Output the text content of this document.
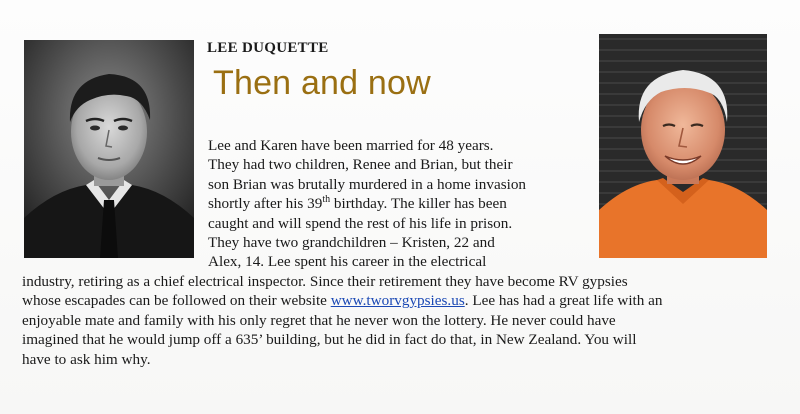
LEE DUQUETTE
Then and now
Lee and Karen have been married for 48 years.
They had two children, Renee and Brian, but their
son Brian was brutally murdered in a home invasion
shortly after his 39th birthday. The killer has been
caught and will spend the rest of his life in prison.
They have two grandchildren – Kristen, 22 and
Alex, 14. Lee spent his career in the electrical
industry, retiring as a chief electrical inspector. Since their retirement they have become RV gypsies
whose escapades can be followed on their website www.tworvgypsies.us. Lee has had a great life with an
enjoyable mate and family with his only regret that he never won the lottery. He never could have
imagined that he would jump off a 635’ building, but he did in fact do that, in New Zealand. You will
have to ask him why.
